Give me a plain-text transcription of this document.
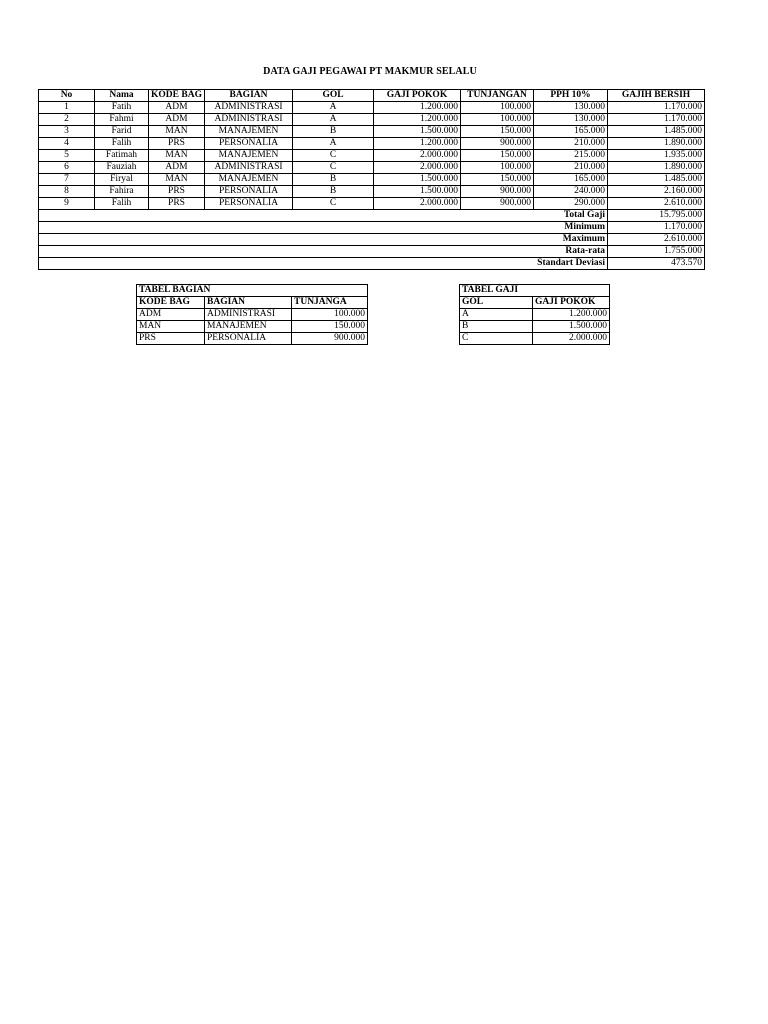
DATA GAJI PEGAWAI PT MAKMUR SELALU
No	Nama	KODE BAG	BAGIAN	GOL	GAJI POKOK	TUNJANGAN	PPH 10%	GAJIH BERSIH
1	Fatih	ADM	ADMINISTRASI	A	1.200.000	100.000	130.000	1.170.000
2	Fahmi	ADM	ADMINISTRASI	A	1.200.000	100.000	130.000	1.170.000
3	Farid	MAN	MANAJEMEN	B	1.500.000	150.000	165.000	1.485.000
4	Falih	PRS	PERSONALIA	A	1.200.000	900.000	210.000	1.890.000
5	Fatimah	MAN	MANAJEMEN	C	2.000.000	150.000	215.000	1.935.000
6	Fauziah	ADM	ADMINISTRASI	C	2.000.000	100.000	210.000	1.890.000
7	Firyal	MAN	MANAJEMEN	B	1.500.000	150.000	165.000	1.485.000
8	Fahira	PRS	PERSONALIA	B	1.500.000	900.000	240.000	2.160.000
9	Falih	PRS	PERSONALIA	C	2.000.000	900.000	290.000	2.610.000
Total Gaji								15.795.000
Minimum								1.170.000
Maximum								2.610.000
Rata-rata								1.755.000
Standart Deviasi								473.570
TABEL BAGIAN		
KODE BAG	BAGIAN	TUNJANGA
ADM	ADMINISTRASI	100.000
MAN	MANAJEMEN	150.000
PRS	PERSONALIA	900.000
TABEL GAJI	
GOL	GAJI POKOK
A	1.200.000
B	1.500.000
C	2.000.000
